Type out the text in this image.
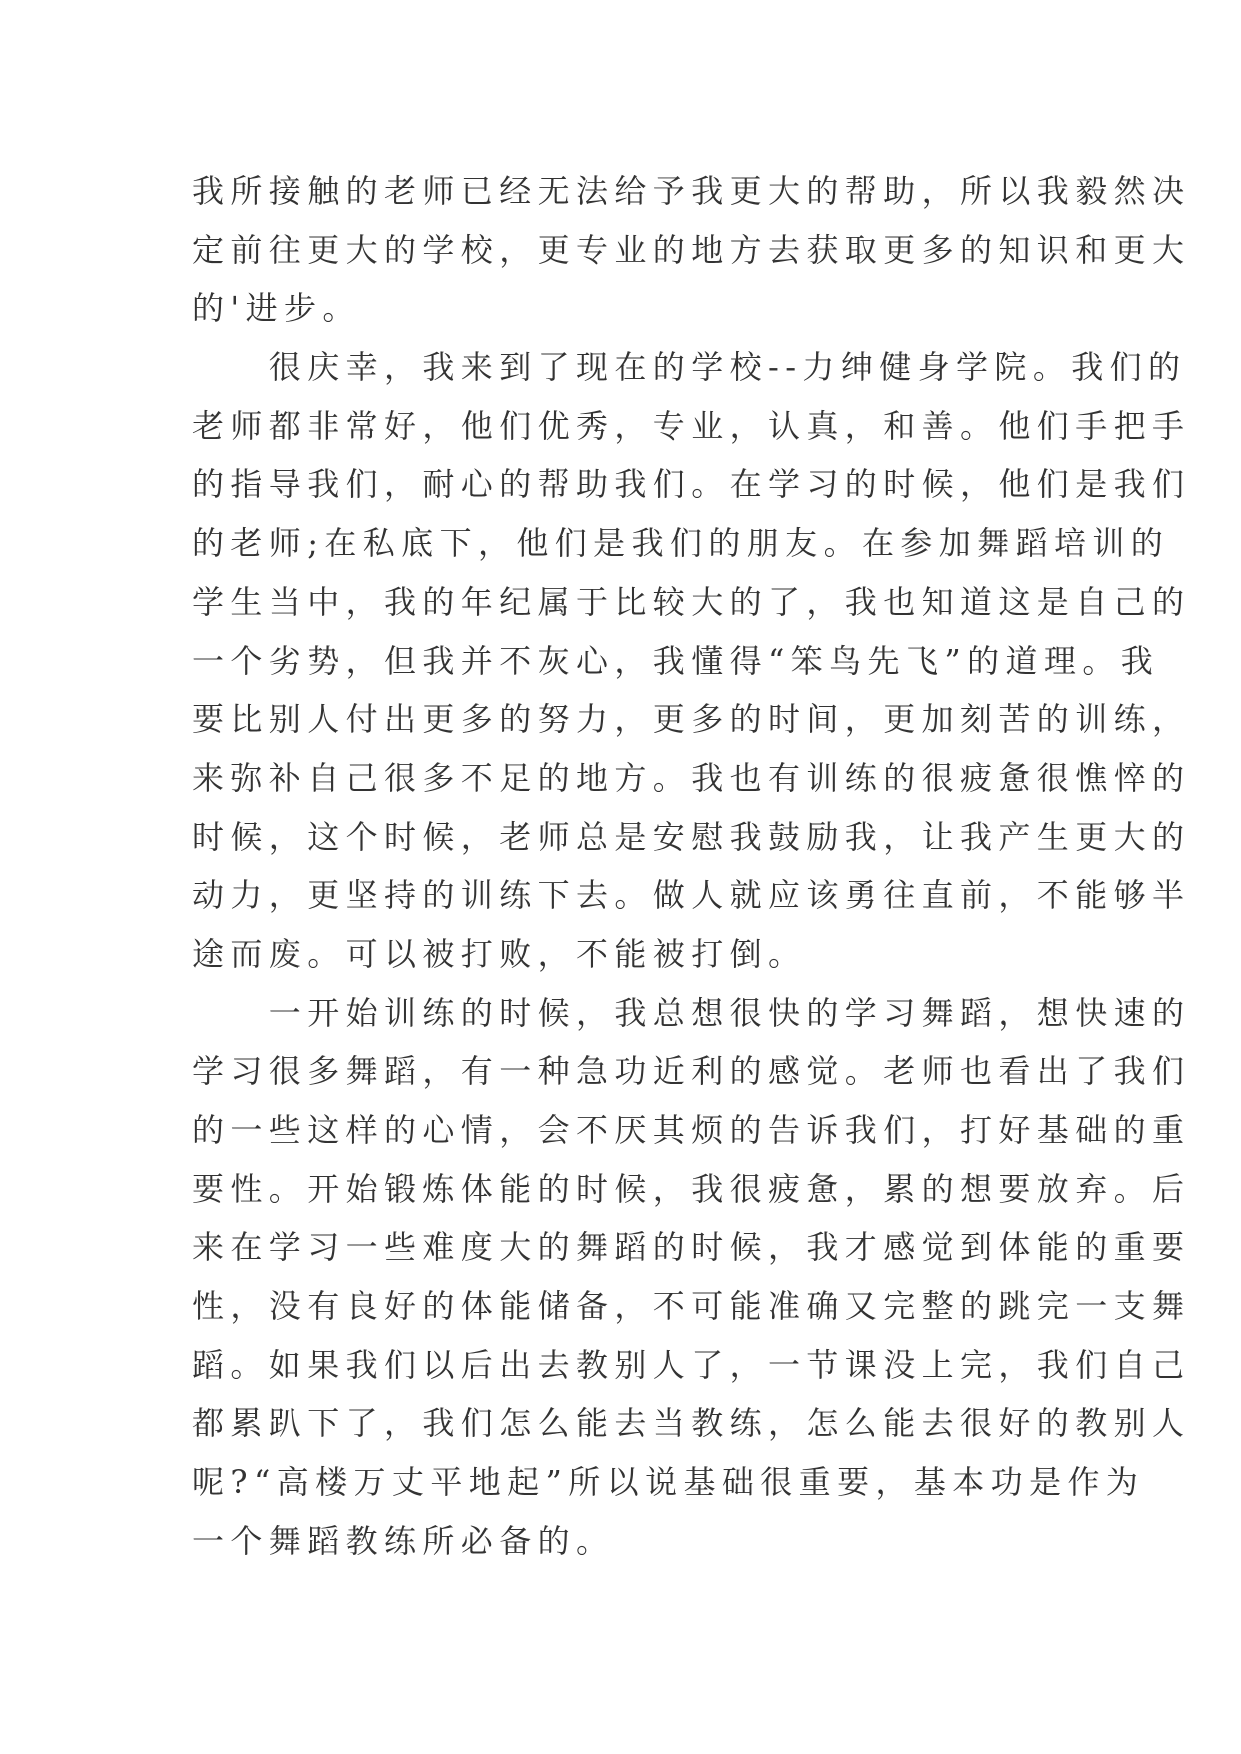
我所接触的老师已经无法给予我更大的帮助，所以我毅然决
定前往更大的学校，更专业的地方去获取更多的知识和更大
的'进步。
　　很庆幸，我来到了现在的学校--力绅健身学院。我们的
老师都非常好，他们优秀，专业，认真，和善。他们手把手
的指导我们，耐心的帮助我们。在学习的时候，他们是我们
的老师;在私底下，他们是我们的朋友。在参加舞蹈培训的
学生当中，我的年纪属于比较大的了，我也知道这是自己的
一个劣势，但我并不灰心，我懂得“笨鸟先飞”的道理。我
要比别人付出更多的努力，更多的时间，更加刻苦的训练，
来弥补自己很多不足的地方。我也有训练的很疲惫很憔悴的
时候，这个时候，老师总是安慰我鼓励我，让我产生更大的
动力，更坚持的训练下去。做人就应该勇往直前，不能够半
途而废。可以被打败，不能被打倒。
　　一开始训练的时候，我总想很快的学习舞蹈，想快速的
学习很多舞蹈，有一种急功近利的感觉。老师也看出了我们
的一些这样的心情，会不厌其烦的告诉我们，打好基础的重
要性。开始锻炼体能的时候，我很疲惫，累的想要放弃。后
来在学习一些难度大的舞蹈的时候，我才感觉到体能的重要
性，没有良好的体能储备，不可能准确又完整的跳完一支舞
蹈。如果我们以后出去教别人了，一节课没上完，我们自己
都累趴下了，我们怎么能去当教练，怎么能去很好的教别人
呢?“高楼万丈平地起”所以说基础很重要，基本功是作为
一个舞蹈教练所必备的。
